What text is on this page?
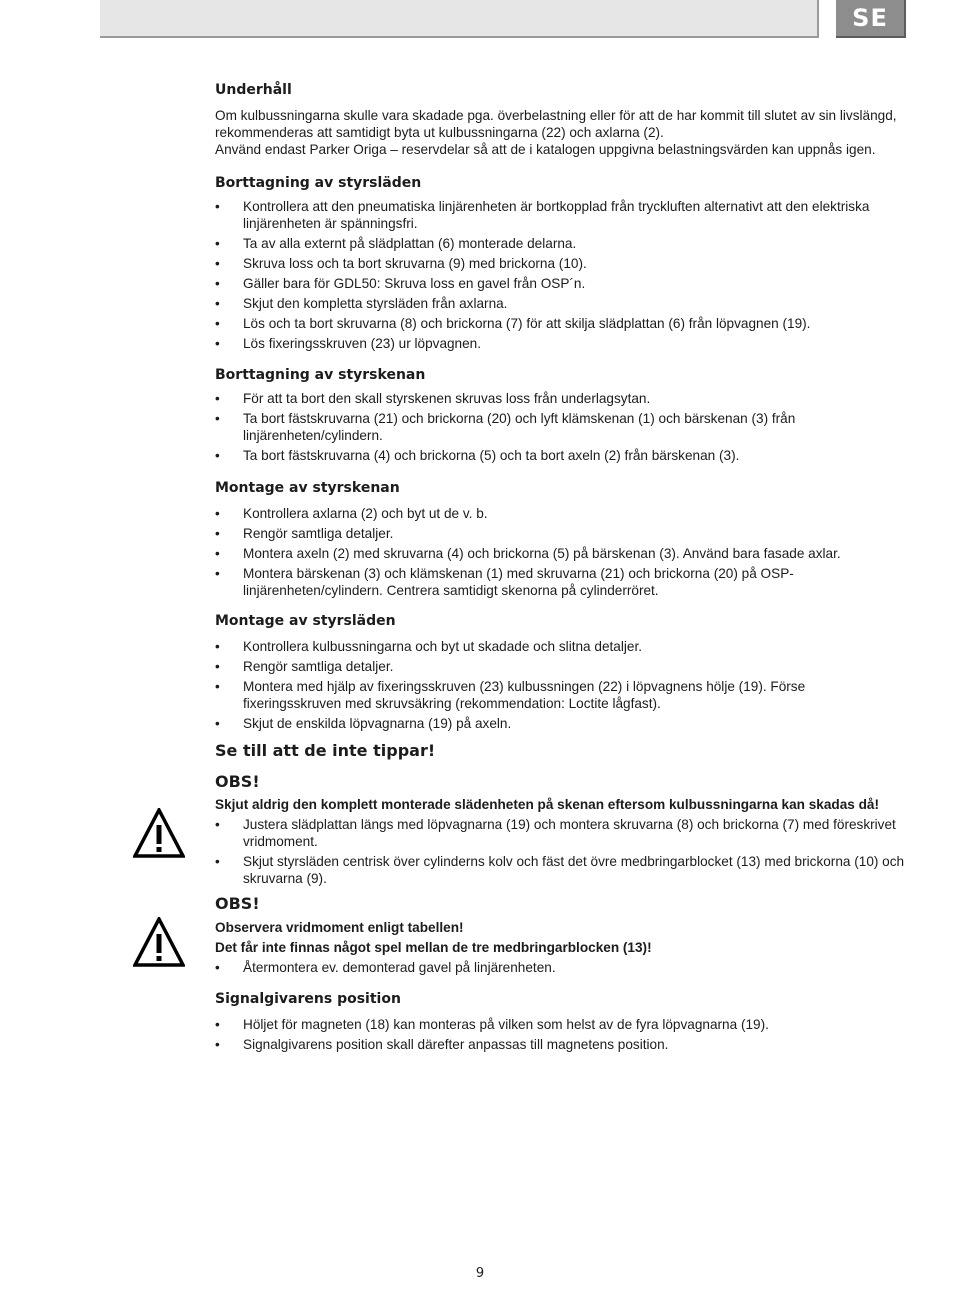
SE
Underhåll

Om kulbussningarna skulle vara skadade pga. överbelastning eller för att de har kommit till slutet av sin livslängd, rekommenderas att samtidigt byta ut kulbussningarna (22) och axlarna (2).

Använd endast Parker Origa – reservdelar så att de i katalogen uppgivna belastningsvärden kan uppnås igen.

Borttagning av styrsläden
• Kontrollera att den pneumatiska linjärenheten är bortkopplad från tryckluften alternativt att den elektriska linjärenheten är spänningsfri.
• Ta av alla externt på slädplattan (6) monterade delarna.
• Skruva loss och ta bort skruvarna (9) med brickorna (10).
• Gäller bara för GDL50: Skruva loss en gavel från OSP´n.
• Skjut den kompletta styrsläden från axlarna.
• Lös och ta bort skruvarna (8) och brickorna (7) för att skilja slädplattan (6) från löpvagnen (19).
• Lös fixeringsskruven (23) ur löpvagnen.
Borttagning av styrskenan
• För att ta bort den skall styrskenen skruvas loss från underlagsytan.
• Ta bort fästskruvarna (21) och brickorna (20) och lyft klämskenan (1) och bärskenan (3) från linjärenheten/cylindern.
• Ta bort fästskruvarna (4) och brickorna (5) och ta bort axeln (2) från bärskenan (3).
Montage av styrskenan
• Kontrollera axlarna (2) och byt ut de v. b.
• Rengör samtliga detaljer.
• Montera axeln (2) med skruvarna (4) och brickorna (5) på bärskenan (3). Använd bara fasade axlar.
• Montera bärskenan (3) och klämskenan (1) med skruvarna (21) och brickorna (20) på OSP-linjärenheten/cylindern. Centrera samtidigt skenorna på cylinderröret.
Montage av styrsläden
• Kontrollera kulbussningarna och byt ut skadade och slitna detaljer.
• Rengör samtliga detaljer.
• Montera med hjälp av fixeringsskruven (23) kulbussningen (22) i löpvagnens hölje (19). Förse fixeringsskruven med skruvsäkring (rekommendation: Loctite lågfast).
• Skjut de enskilda löpvagnarna (19) på axeln.
Se till att de inte tippar!
OBS!

Skjut aldrig den komplett monterade slädenheten på skenan eftersom kulbussningarna kan skadas då!

• Justera slädplattan längs med löpvagnarna (19) och montera skruvarna (8) och brickorna (7) med föreskrivet vridmoment.
• Skjut styrsläden centrisk över cylinderns kolv och fäst det övre medbringarblocket (13) med brickorna (10) och skruvarna (9).
OBS!

Observera vridmoment enligt tabellen!

Det får inte finnas något spel mellan de tre medbringarblocken (13)!

• Återmontera ev. demonterad gavel på linjärenheten.
Signalgivarens position
• Höljet för magneten (18) kan monteras på vilken som helst av de fyra löpvagnarna (19).
• Signalgivarens position skall därefter anpassas till magnetens position.
9
